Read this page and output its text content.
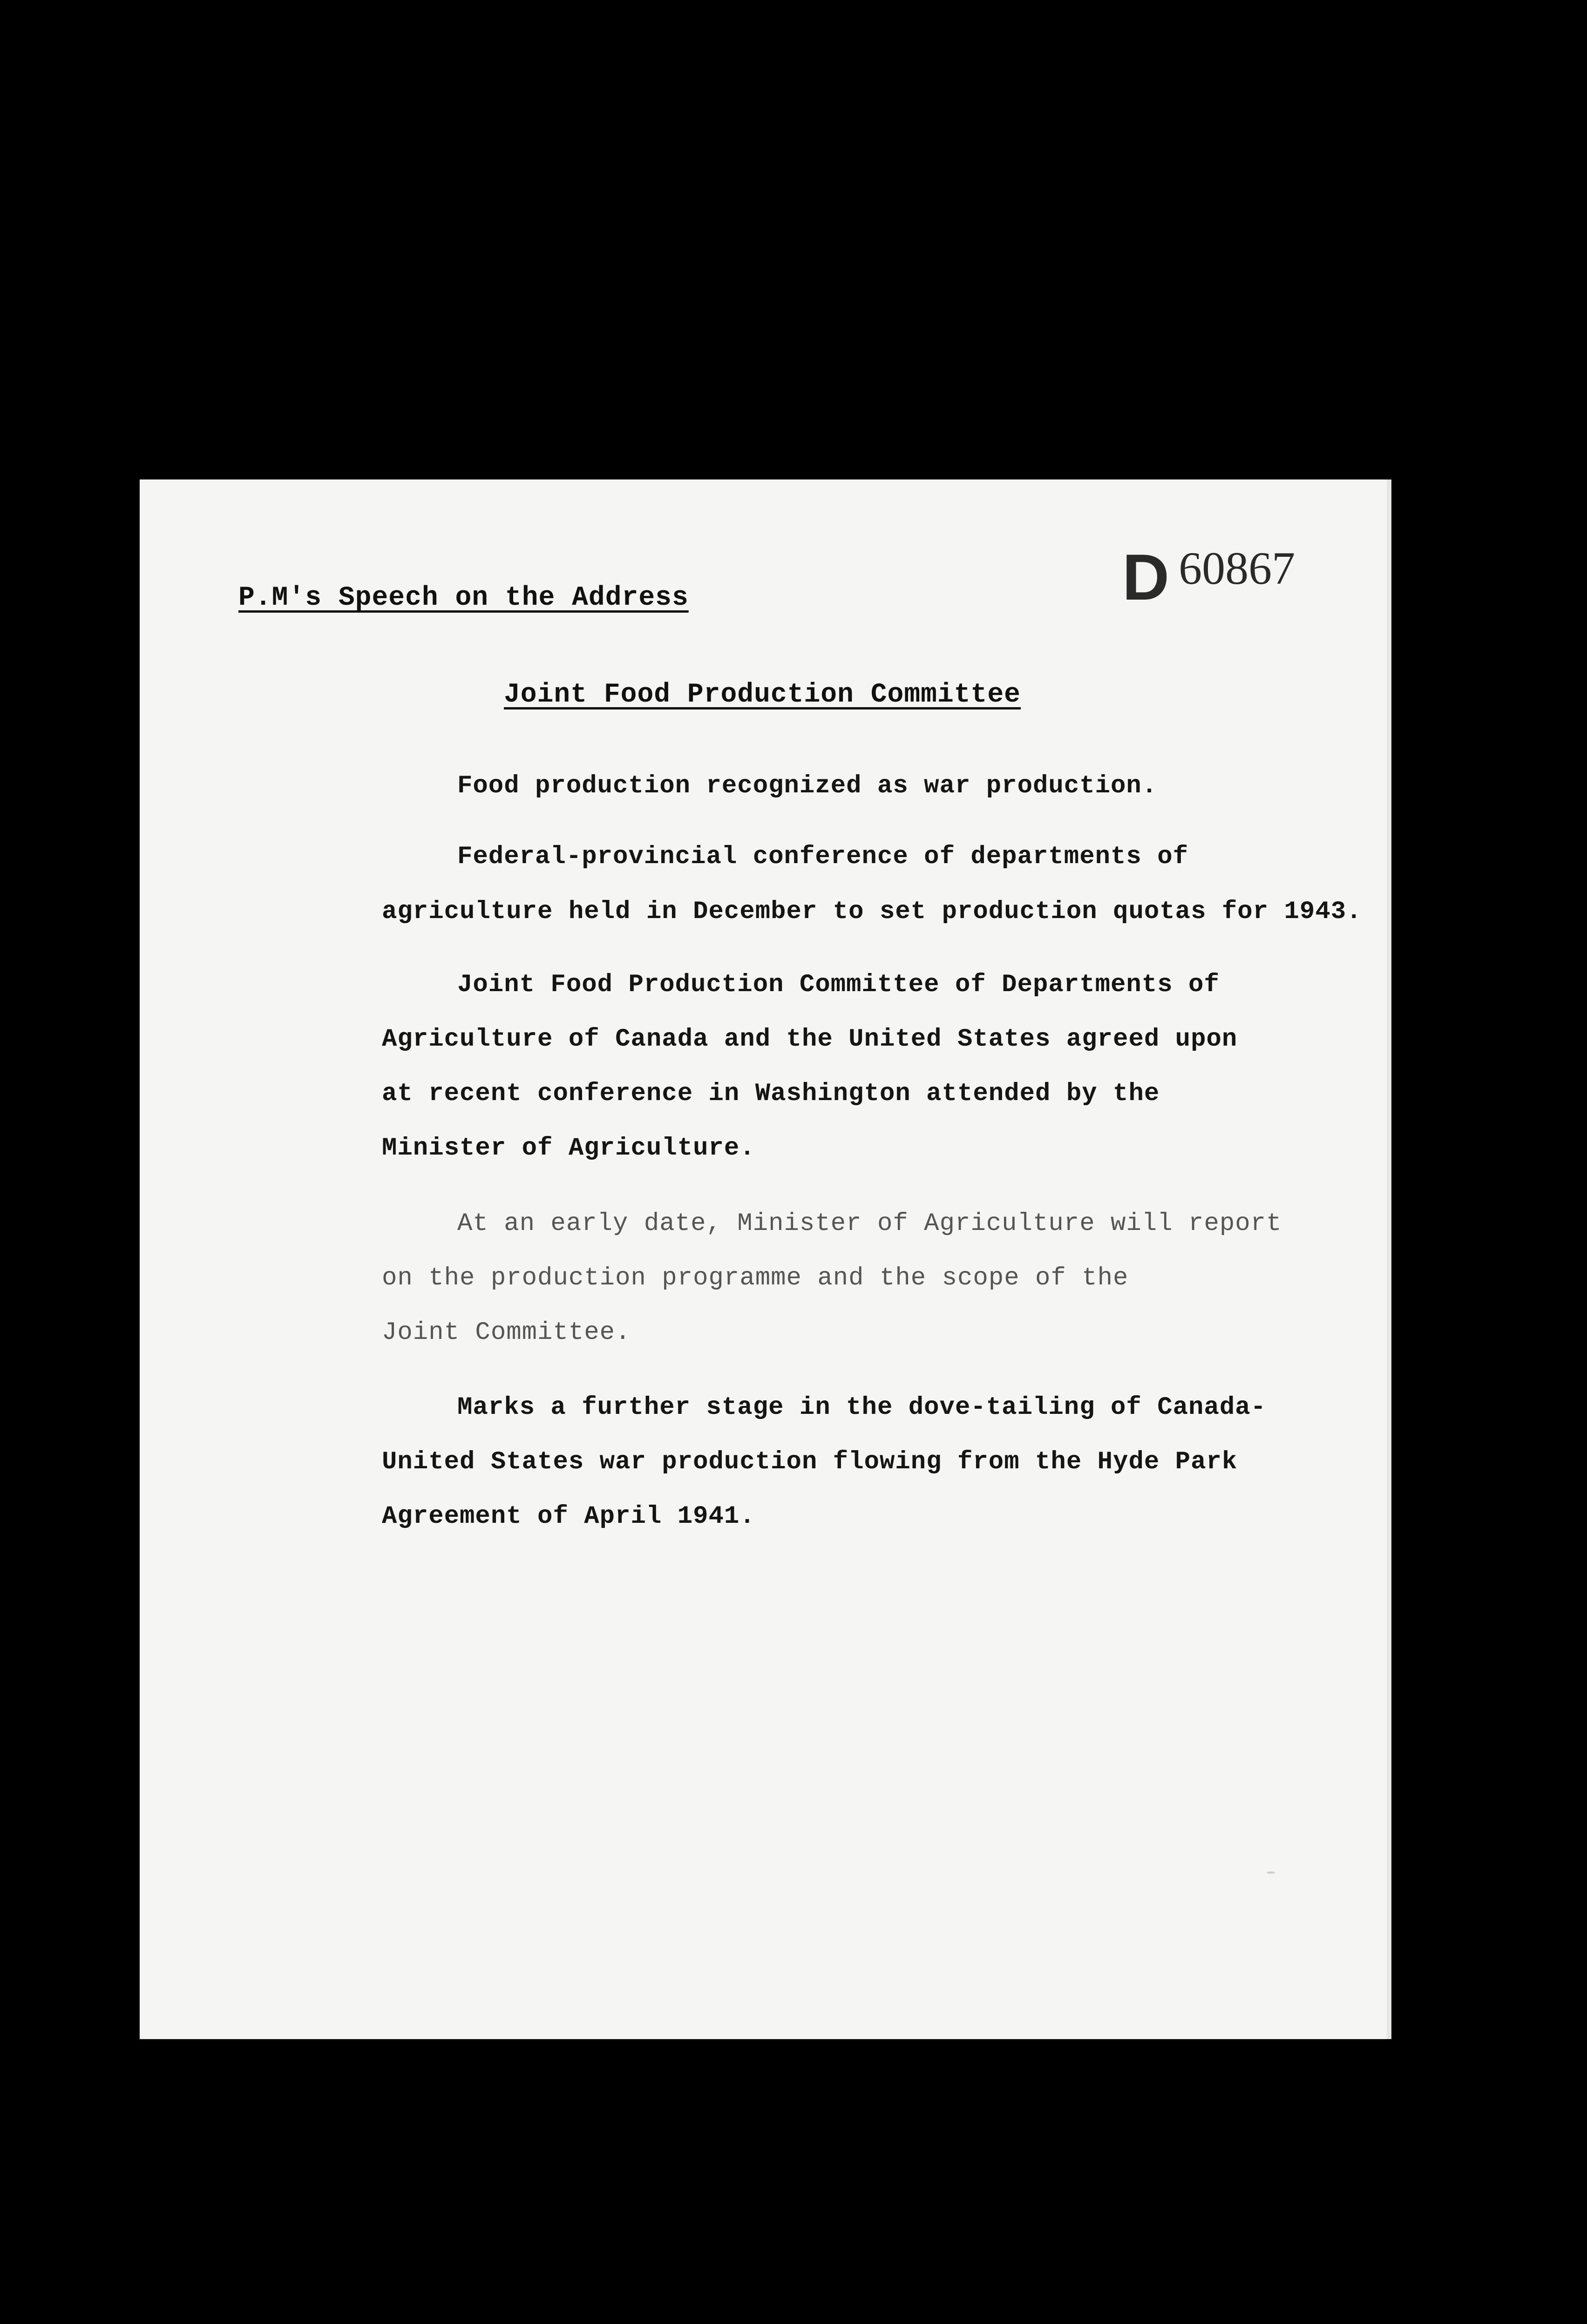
P.M's Speech on the Address	D 60867
Joint Food Production Committee
Food production recognized as war production.
Federal-provincial conference of departments of
agriculture held in December to set production quotas for 1943.
Joint Food Production Committee of Departments of
Agriculture of Canada and the United States agreed upon
at recent conference in Washington attended by the
Minister of Agriculture.
At an early date, Minister of Agriculture will report
on the production programme and the scope of the
Joint Committee.
Marks a further stage in the dove-tailing of Canada-
United States war production flowing from the Hyde Park
Agreement of April 1941.
